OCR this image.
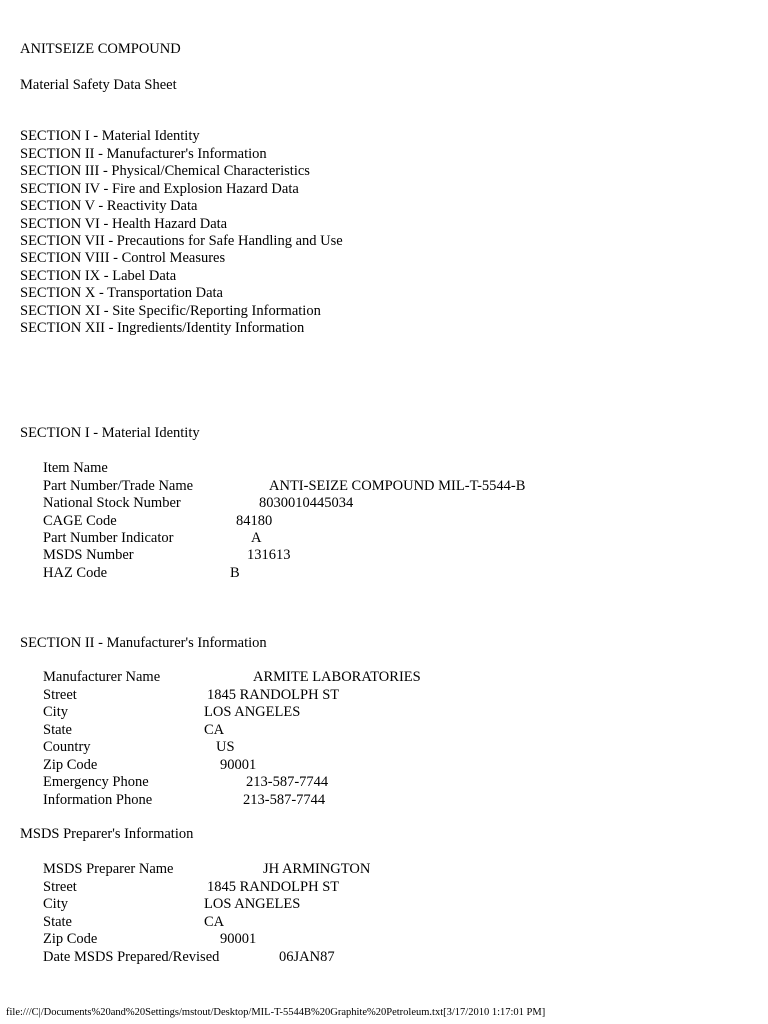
ANITSEIZE COMPOUND
Material Safety Data Sheet
SECTION I - Material Identity
SECTION II - Manufacturer's Information
SECTION III - Physical/Chemical Characteristics
SECTION IV - Fire and Explosion Hazard Data
SECTION V - Reactivity Data
SECTION VI - Health Hazard Data
SECTION VII - Precautions for Safe Handling and Use
SECTION VIII - Control Measures
SECTION IX - Label Data
SECTION X - Transportation Data
SECTION XI - Site Specific/Reporting Information
SECTION XII - Ingredients/Identity Information
SECTION I - Material Identity
Item Name
Part Number/Trade Name	ANTI-SEIZE COMPOUND MIL-T-5544-B
National Stock Number	8030010445034
CAGE Code	84180
Part Number Indicator	A
MSDS Number	131613
HAZ Code	B
SECTION II - Manufacturer's Information
Manufacturer Name	ARMITE LABORATORIES
Street	1845 RANDOLPH ST
City	LOS ANGELES
State	CA
Country	US
Zip Code	90001
Emergency Phone	213-587-7744
Information Phone	213-587-7744
MSDS Preparer's Information
MSDS Preparer Name	JH ARMINGTON
Street	1845 RANDOLPH ST
City	LOS ANGELES
State	CA
Zip Code	90001
Date MSDS Prepared/Revised	06JAN87
file:///C|/Documents%20and%20Settings/mstout/Desktop/MIL-T-5544B%20Graphite%20Petroleum.txt[3/17/2010 1:17:01 PM]
